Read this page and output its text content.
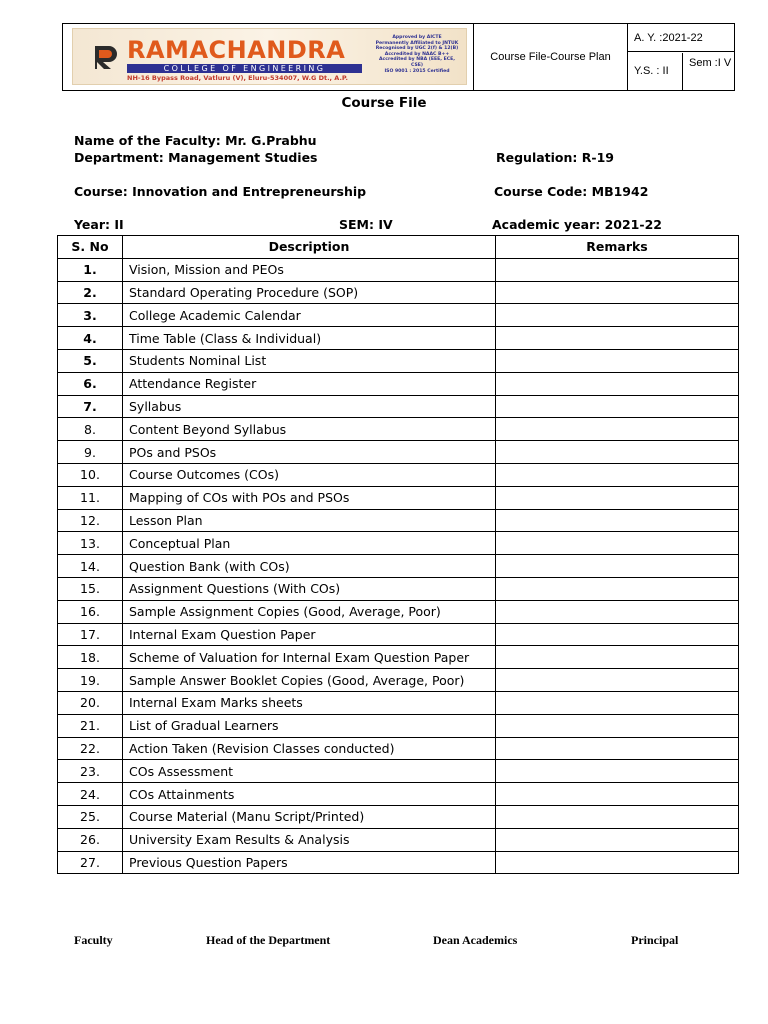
RAMACHANDRA
COLLEGE OF ENGINEERING
NH-16 Bypass Road, Vatluru (V), Eluru-534007, W.G Dt., A.P.
Approved by AICTE
Permanently Affiliated to JNTUK
Recognised by UGC 2(f) & 12(B)
Accredited by NAAC B++
Accredited by NBA (EEE, ECE, CSE)
ISO 9001 : 2015 Certified
Course File-Course Plan
A. Y. :2021-22
Y.S. : II
Sem :I V
Course File
Name of the Faculty: Mr. G.Prabhu
Department: Management Studies	Regulation: R-19
Course: Innovation and Entrepreneurship	Course Code: MB1942
Year: II	SEM: IV	Academic year: 2021-22
S. No	Description	Remarks
1.	Vision, Mission and PEOs	
2.	Standard Operating Procedure (SOP)	
3.	College Academic Calendar	
4.	Time Table (Class & Individual)	
5.	Students Nominal List	
6.	Attendance Register	
7.	Syllabus	
8.	Content Beyond Syllabus	
9.	POs and PSOs	
10.	Course Outcomes (COs)	
11.	Mapping of COs with POs and PSOs	
12.	Lesson Plan	
13.	Conceptual Plan	
14.	Question Bank (with COs)	
15.	Assignment Questions (With COs)	
16.	Sample Assignment Copies (Good, Average, Poor)	
17.	Internal Exam Question Paper	
18.	Scheme of Valuation for Internal Exam Question Paper	
19.	Sample Answer Booklet Copies (Good, Average, Poor)	
20.	Internal Exam Marks sheets	
21.	List of Gradual Learners	
22.	Action Taken (Revision Classes conducted)	
23.	COs Assessment	
24.	COs Attainments	
25.	Course Material (Manu Script/Printed)	
26.	University Exam Results & Analysis	
27.	Previous Question Papers	
Faculty	Head of the Department	Dean Academics	Principal
